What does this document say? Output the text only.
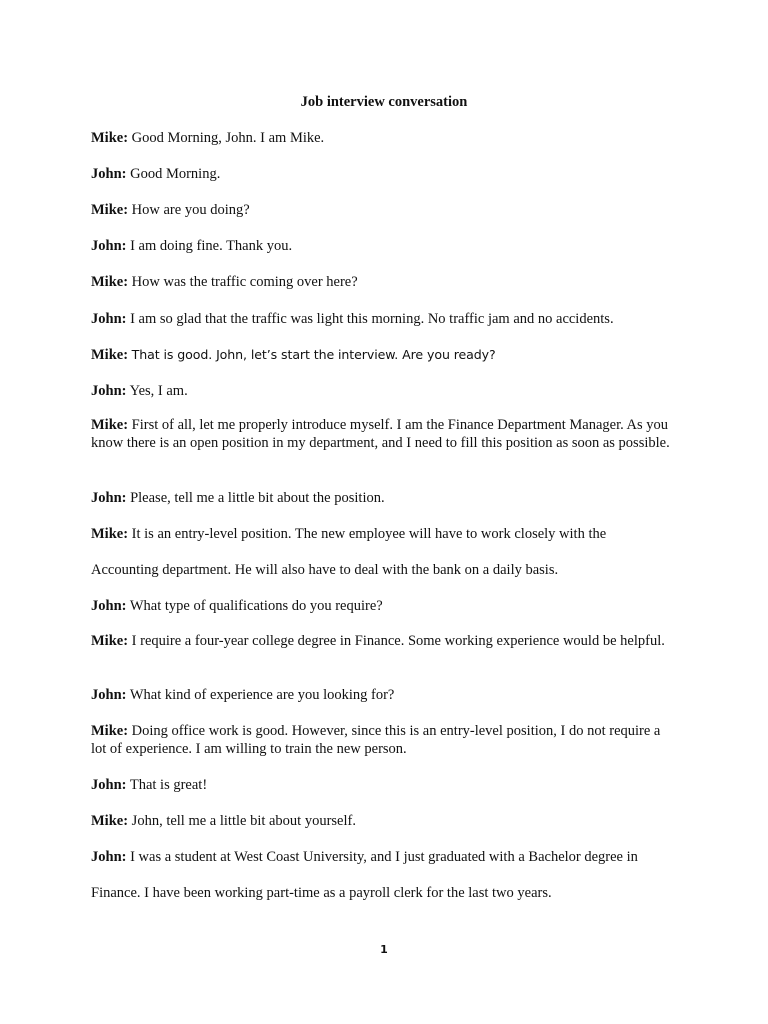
Job interview conversation
Mike: Good Morning, John. I am Mike.
John: Good Morning.
Mike: How are you doing?
John: I am doing fine. Thank you.
Mike: How was the traffic coming over here?
John: I am so glad that the traffic was light this morning. No traffic jam and no accidents.
Mike: That is good. John, let’s start the interview. Are you ready?
John: Yes, I am.
Mike: First of all, let me properly introduce myself. I am the Finance Department Manager. As you know there is an open position in my department, and I need to fill this position as soon as possible.
John: Please, tell me a little bit about the position.
Mike: It is an entry-level position. The new employee will have to work closely with the
Accounting department. He will also have to deal with the bank on a daily basis.
John: What type of qualifications do you require?
Mike: I require a four-year college degree in Finance. Some working experience would be helpful.
John: What kind of experience are you looking for?
Mike: Doing office work is good. However, since this is an entry-level position, I do not require a lot of experience. I am willing to train the new person.
John: That is great!
Mike: John, tell me a little bit about yourself.
John: I was a student at West Coast University, and I just graduated with a Bachelor degree in
Finance. I have been working part-time as a payroll clerk for the last two years.
1
